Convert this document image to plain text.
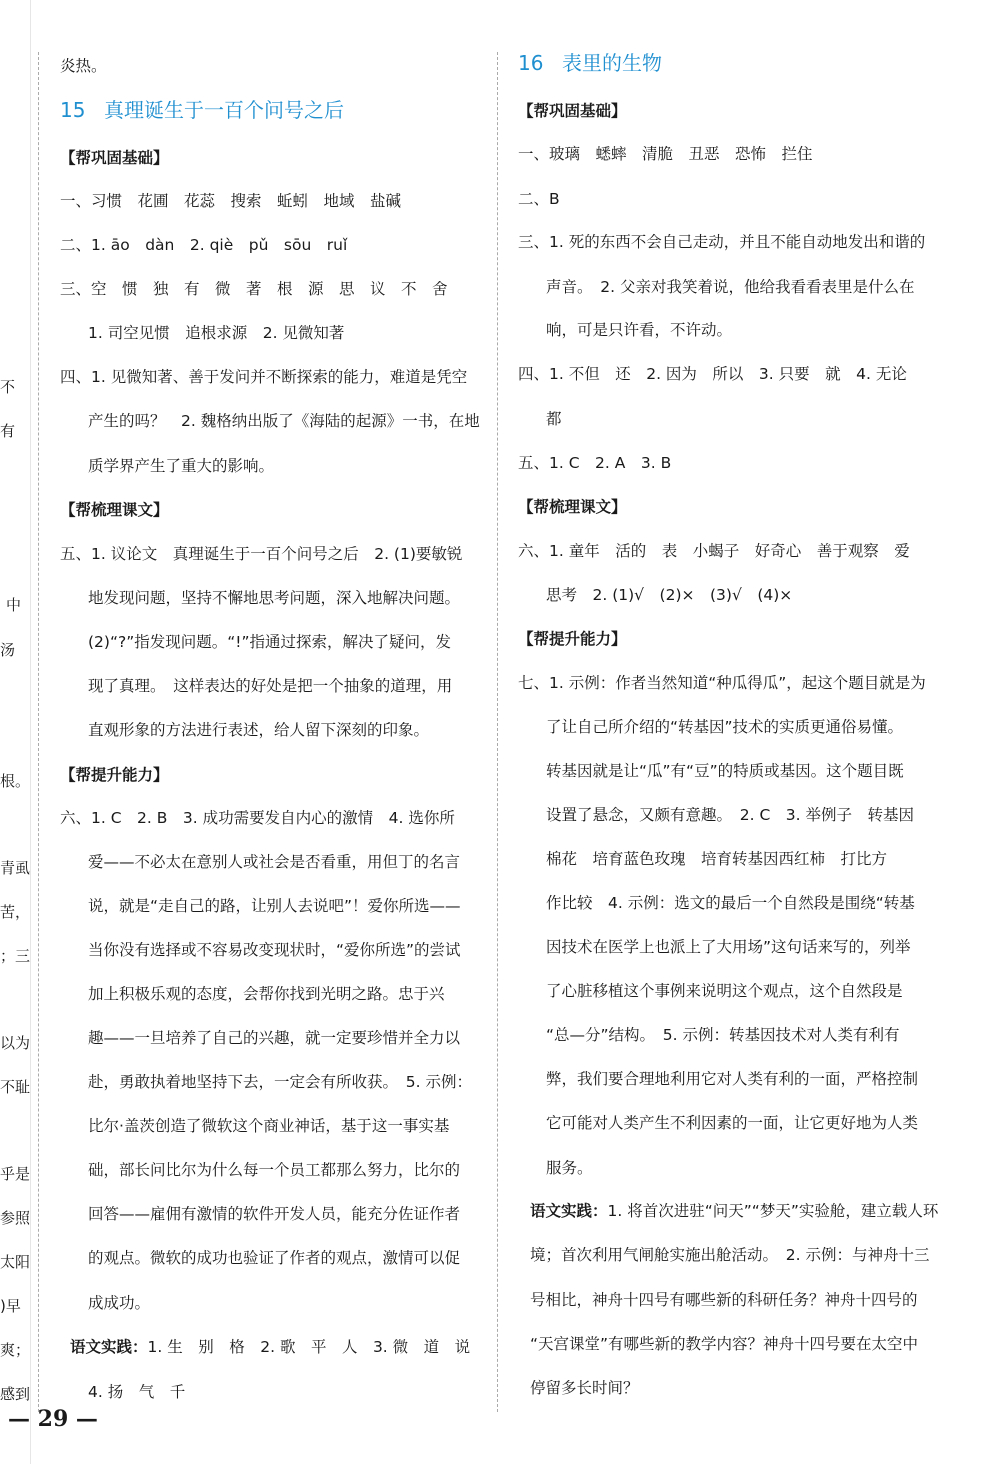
不
有
中
汤
根。
青虱
苦，
；三
以为
不耻
乎是
参照
太阳
)早
爽；
感到
炎热。
15 真理诞生于一百个问号之后
【帮巩固基础】
一、习惯　花圃　花蕊　搜索　蚯蚓　地域　盐碱
二、1. āo　dàn　2. qiè　pǔ　sōu　ruǐ
三、空　惯　独　有　微　著　根　源　思　议　不　舍
1. 司空见惯　追根求源　2. 见微知著
四、1. 见微知著、善于发问并不断探索的能力，难道是凭空
产生的吗？　2. 魏格纳出版了《海陆的起源》一书，在地
质学界产生了重大的影响。
【帮梳理课文】
五、1. 议论文　真理诞生于一百个问号之后　2. (1)要敏锐
地发现问题，坚持不懈地思考问题，深入地解决问题。
(2)“?”指发现问题。“!”指通过探索，解决了疑问，发
现了真理。　这样表达的好处是把一个抽象的道理，用
直观形象的方法进行表述，给人留下深刻的印象。
【帮提升能力】
六、1. C　2. B　3. 成功需要发自内心的激情　4. 选你所
爱——不必太在意别人或社会是否看重，用但丁的名言
说，就是“走自己的路，让别人去说吧”！爱你所选——
当你没有选择或不容易改变现状时，“爱你所选”的尝试
加上积极乐观的态度，会帮你找到光明之路。忠于兴
趣——一旦培养了自己的兴趣，就一定要珍惜并全力以
赴，勇敢执着地坚持下去，一定会有所收获。　5. 示例：
比尔·盖茨创造了微软这个商业神话，基于这一事实基
础，部长问比尔为什么每一个员工都那么努力，比尔的
回答——雇佣有激情的软件开发人员，能充分佐证作者
的观点。微软的成功也验证了作者的观点，激情可以促
成成功。
语文实践：1. 生　别　格　2. 歌　平　人　3. 微　道　说
4. 扬　气　千
16 表里的生物
【帮巩固基础】
一、玻璃　蟋蟀　清脆　丑恶　恐怖　拦住
二、B
三、1. 死的东西不会自己走动，并且不能自动地发出和谐的
声音。　2. 父亲对我笑着说，他给我看看表里是什么在
响，可是只许看，不许动。
四、1. 不但　还　2. 因为　所以　3. 只要　就　4. 无论
都
五、1. C　2. A　3. B
【帮梳理课文】
六、1. 童年　活的　表　小蝎子　好奇心　善于观察　爱
思考　2. (1)√　(2)×　(3)√　(4)×
【帮提升能力】
七、1. 示例：作者当然知道“种瓜得瓜”，起这个题目就是为
了让自己所介绍的“转基因”技术的实质更通俗易懂。
转基因就是让“瓜”有“豆”的特质或基因。这个题目既
设置了悬念，又颇有意趣。　2. C　3. 举例子　转基因
棉花　培育蓝色玫瑰　培育转基因西红柿　打比方
作比较　4. 示例：选文的最后一个自然段是围绕“转基
因技术在医学上也派上了大用场”这句话来写的，列举
了心脏移植这个事例来说明这个观点，这个自然段是
“总—分”结构。　5. 示例：转基因技术对人类有利有
弊，我们要合理地利用它对人类有利的一面，严格控制
它可能对人类产生不利因素的一面，让它更好地为人类
服务。
语文实践：1. 将首次进驻“问天”“梦天”实验舱，建立载人环
境；首次利用气闸舱实施出舱活动。　2. 示例：与神舟十三
号相比，神舟十四号有哪些新的科研任务？神舟十四号的
“天宫课堂”有哪些新的教学内容？神舟十四号要在太空中
停留多长时间？
— 29 —
